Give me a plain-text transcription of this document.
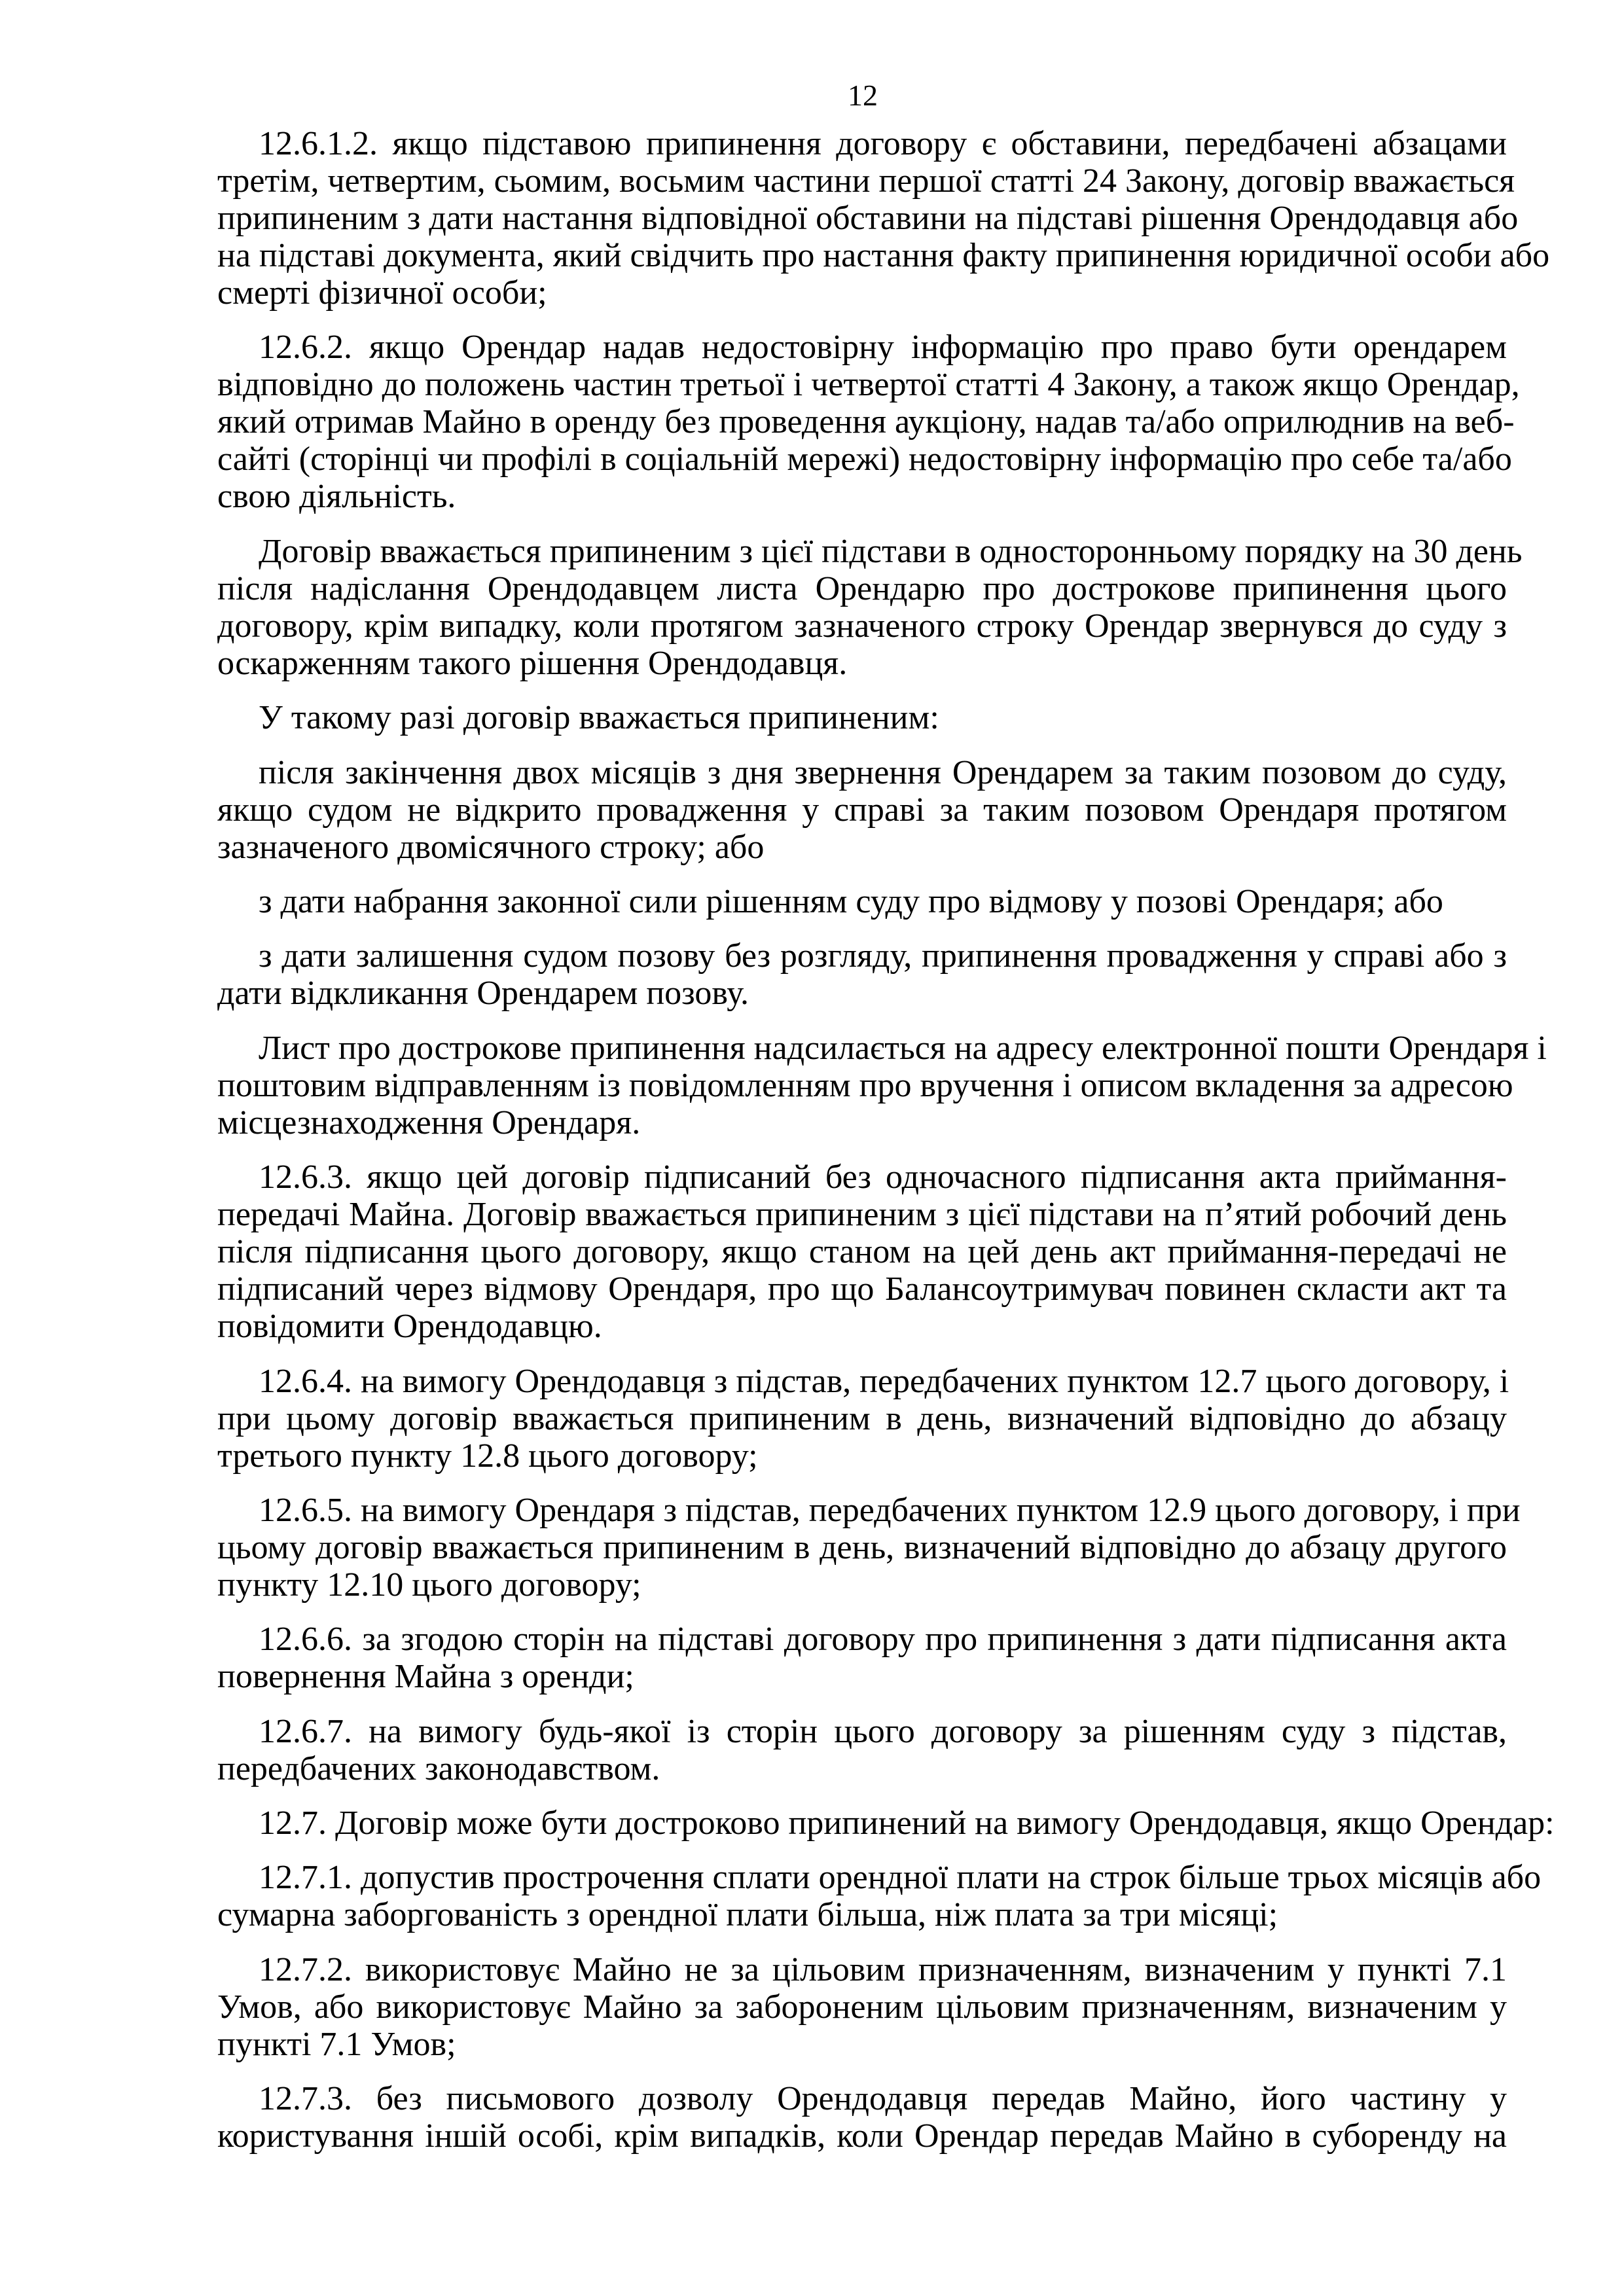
12
12.6.1.2. якщо підставою припинення договору є обставини, передбачені абзацами
третім, четвертим, сьомим, восьмим частини першої статті 24 Закону, договір вважається
припиненим з дати настання відповідної обставини на підставі рішення Орендодавця або
на підставі документа, який свідчить про настання факту припинення юридичної особи або
смерті фізичної особи;
12.6.2. якщо Орендар надав недостовірну інформацію про право бути орендарем
відповідно до положень частин третьої і четвертої статті 4 Закону, а також якщо Орендар,
який отримав Майно в оренду без проведення аукціону, надав та/або оприлюднив на веб-
сайті (сторінці чи профілі в соціальній мережі) недостовірну інформацію про себе та/або
свою діяльність.
Договір вважається припиненим з цієї підстави в односторонньому порядку на 30 день
після надіслання Орендодавцем листа Орендарю про дострокове припинення цього
договору, крім випадку, коли протягом зазначеного строку Орендар звернувся до суду з
оскарженням такого рішення Орендодавця.
У такому разі договір вважається припиненим:
після закінчення двох місяців з дня звернення Орендарем за таким позовом до суду,
якщо судом не відкрито провадження у справі за таким позовом Орендаря протягом
зазначеного двомісячного строку; або
з дати набрання законної сили рішенням суду про відмову у позові Орендаря; або
з дати залишення судом позову без розгляду, припинення провадження у справі або з
дати відкликання Орендарем позову.
Лист про дострокове припинення надсилається на адресу електронної пошти Орендаря і
поштовим відправленням із повідомленням про вручення і описом вкладення за адресою
місцезнаходження Орендаря.
12.6.3. якщо цей договір підписаний без одночасного підписання акта приймання-
передачі Майна. Договір вважається припиненим з цієї підстави на п’ятий робочий день
після підписання цього договору, якщо станом на цей день акт приймання-передачі не
підписаний через відмову Орендаря, про що Балансоутримувач повинен скласти акт та
повідомити Орендодавцю.
12.6.4. на вимогу Орендодавця з підстав, передбачених пунктом 12.7 цього договору, і
при цьому договір вважається припиненим в день, визначений відповідно до абзацу
третього пункту 12.8 цього договору;
12.6.5. на вимогу Орендаря з підстав, передбачених пунктом 12.9 цього договору, і при
цьому договір вважається припиненим в день, визначений відповідно до абзацу другого
пункту 12.10 цього договору;
12.6.6. за згодою сторін на підставі договору про припинення з дати підписання акта
повернення Майна з оренди;
12.6.7. на вимогу будь-якої із сторін цього договору за рішенням суду з підстав,
передбачених законодавством.
12.7. Договір може бути достроково припинений на вимогу Орендодавця, якщо Орендар:
12.7.1. допустив прострочення сплати орендної плати на строк більше трьох місяців або
сумарна заборгованість з орендної плати більша, ніж плата за три місяці;
12.7.2. використовує Майно не за цільовим призначенням, визначеним у пункті 7.1
Умов, або використовує Майно за забороненим цільовим призначенням, визначеним у
пункті 7.1 Умов;
12.7.3. без письмового дозволу Орендодавця передав Майно, його частину у
користування іншій особі, крім випадків, коли Орендар передав Майно в суборенду на
